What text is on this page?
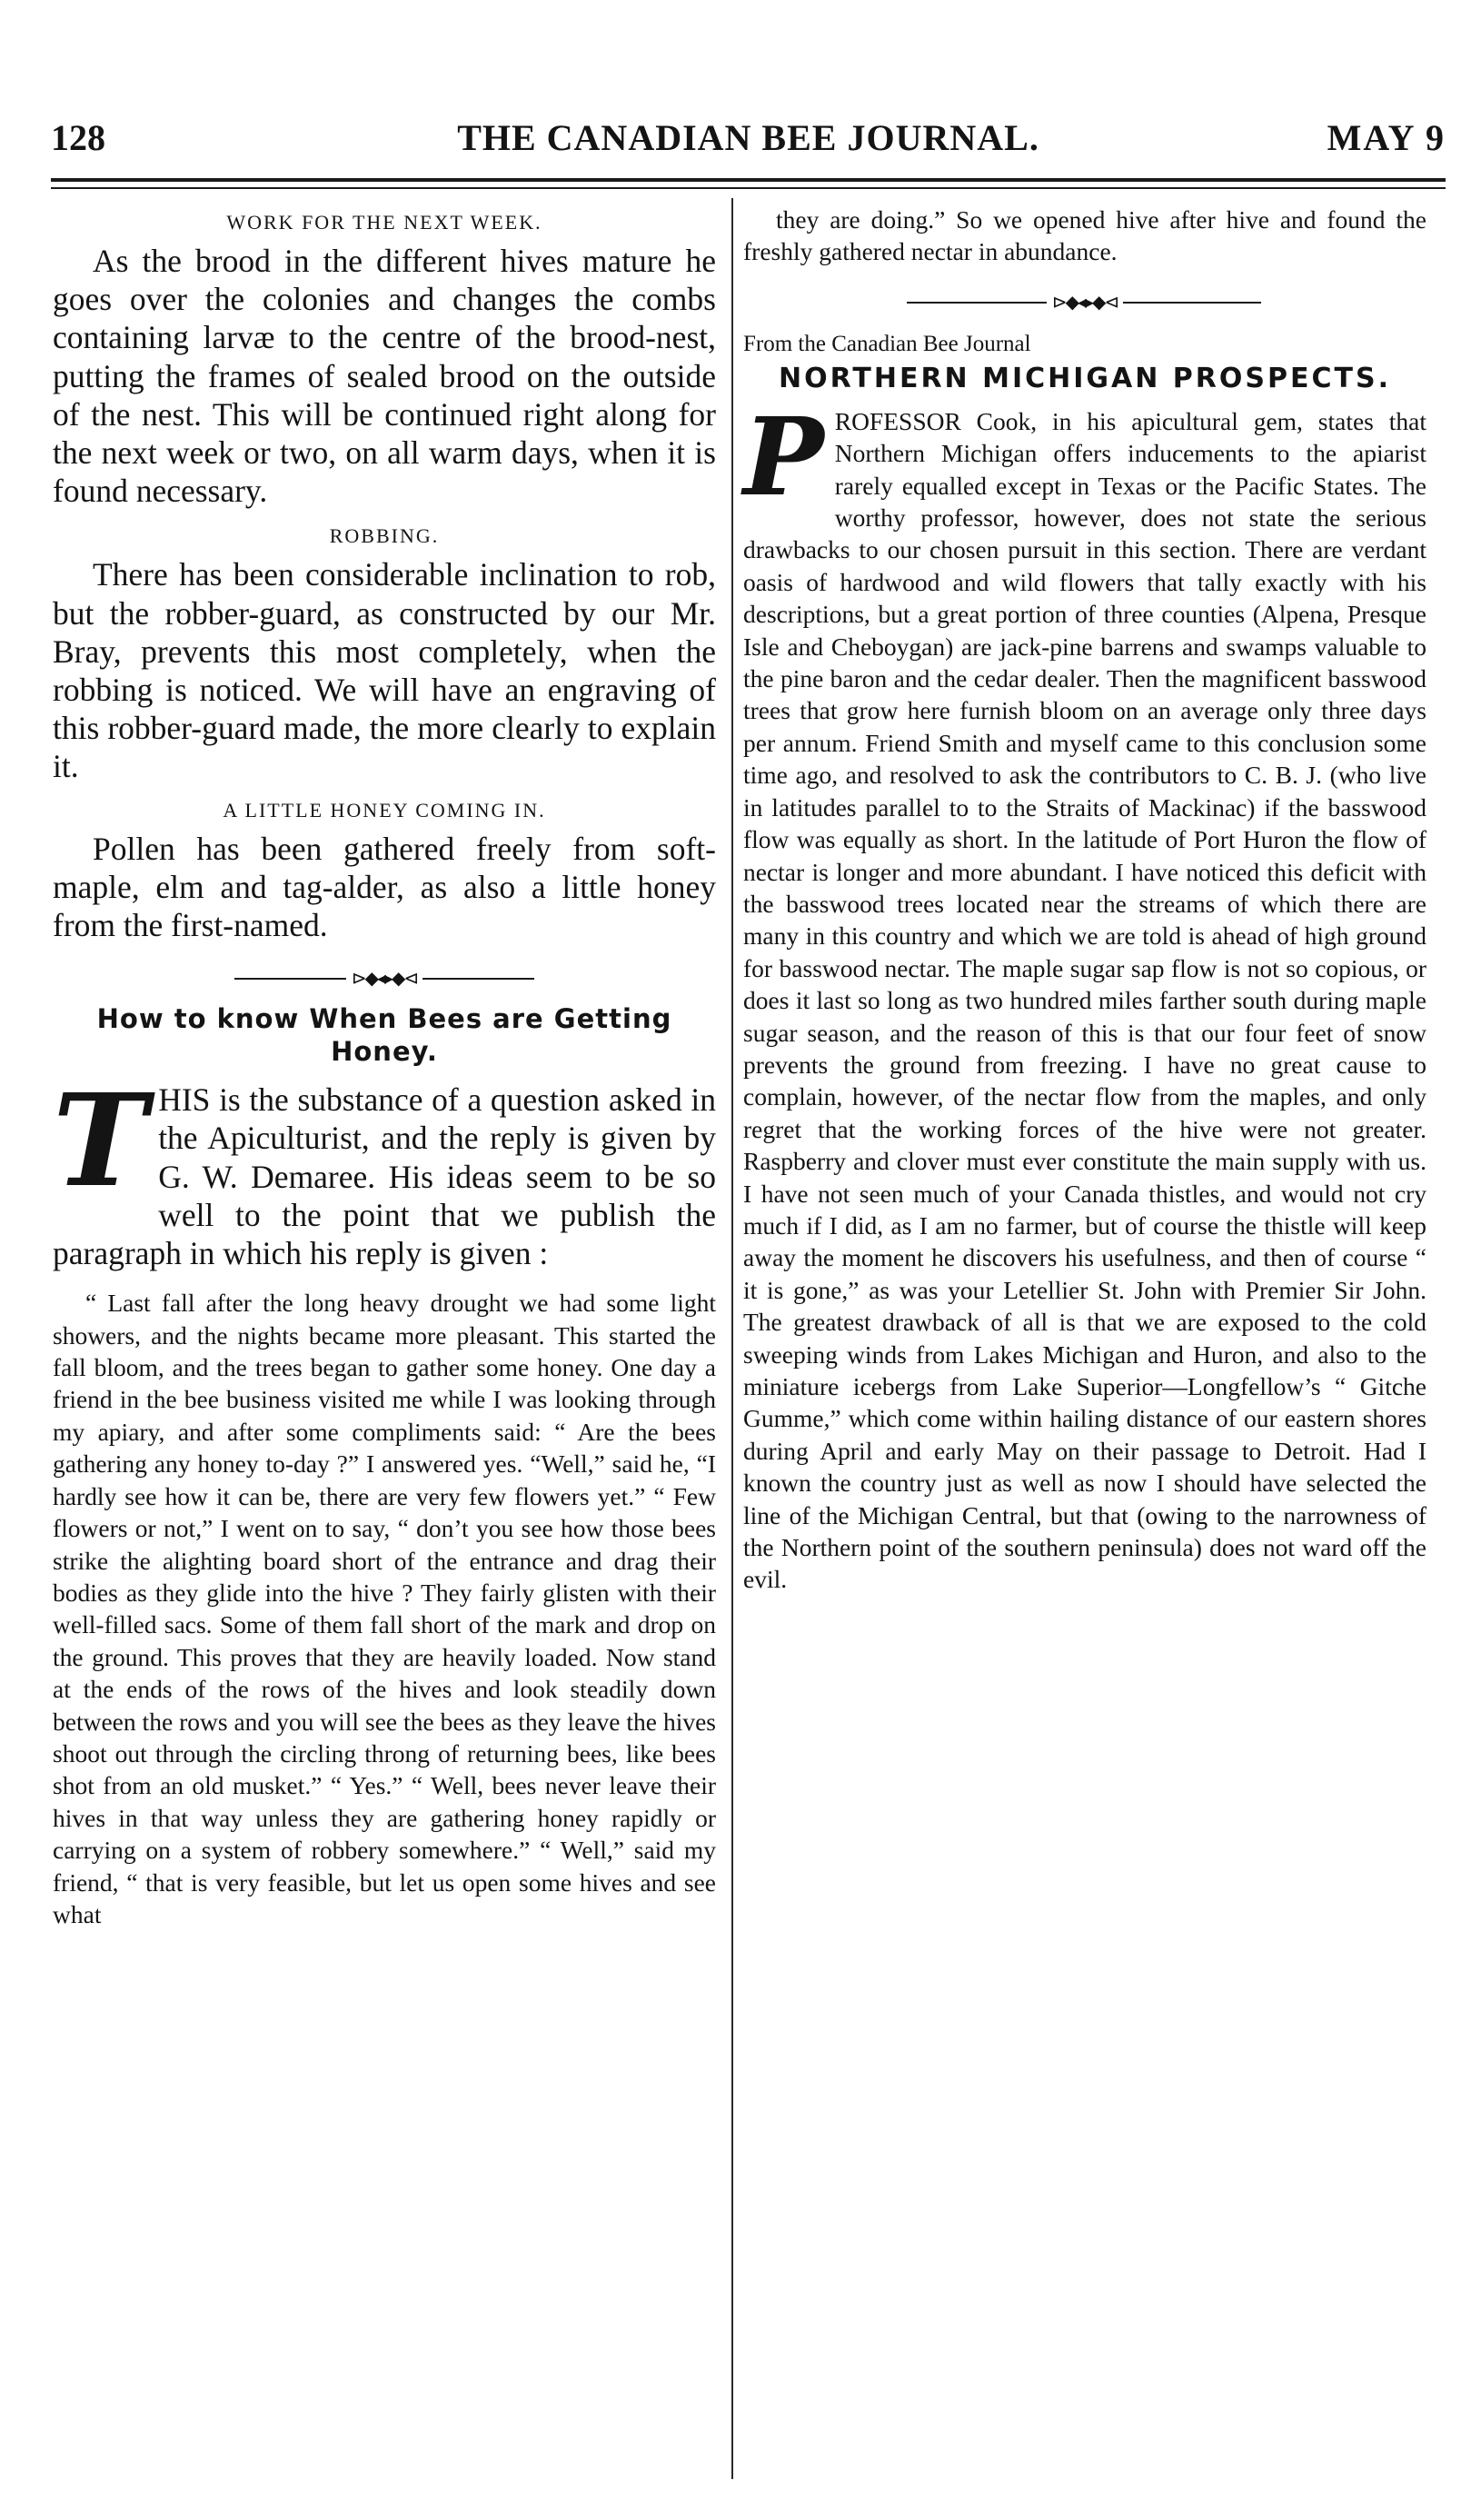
128	THE CANADIAN BEE JOURNAL.	MAY 9
WORK FOR THE NEXT WEEK.

As the brood in the different hives mature he goes over the colonies and changes the combs containing larvæ to the centre of the brood-nest, putting the frames of sealed brood on the outside of the nest. This will be continued right along for the next week or two, on all warm days, when it is found necessary.

ROBBING.

There has been considerable inclination to rob, but the robber-guard, as constructed by our Mr. Bray, prevents this most completely, when the robbing is noticed. We will have an engraving of this robber-guard made, the more clearly to explain it.

A LITTLE HONEY COMING IN.

Pollen has been gathered freely from soft-maple, elm and tag-alder, as also a little honey from the first-named.

⊳◆◂▸◆⊲
How to know When Bees are Getting Honey.
T HIS is the substance of a question asked in the Apiculturist, and the reply is given by G. W. Demaree. His ideas seem to be so well to the point that we publish the paragraph in which his reply is given :

“ Last fall after the long heavy drought we had some light showers, and the nights became more pleasant. This started the fall bloom, and the trees began to gather some honey. One day a friend in the bee business visited me while I was looking through my apiary, and after some compliments said: “ Are the bees gathering any honey to-day ?” I answered yes. “Well,” said he, “I hardly see how it can be, there are very few flowers yet.” “ Few flowers or not,” I went on to say, “ don’t you see how those bees strike the alighting board short of the entrance and drag their bodies as they glide into the hive ? They fairly glisten with their well-filled sacs. Some of them fall short of the mark and drop on the ground. This proves that they are heavily loaded. Now stand at the ends of the rows of the hives and look steadily down between the rows and you will see the bees as they leave the hives shoot out through the circling throng of returning bees, like bees shot from an old musket.” “ Yes.” “ Well, bees never leave their hives in that way unless they are gathering honey rapidly or carrying on a system of robbery somewhere.” “ Well,” said my friend, “ that is very feasible, but let us open some hives and see what

they are doing.” So we opened hive after hive and found the freshly gathered nectar in abundance.

⊳◆◂▸◆⊲
From the Canadian Bee Journal
NORTHERN MICHIGAN PROSPECTS.
P ROFESSOR Cook, in his apicultural gem, states that Northern Michigan offers inducements to the apiarist rarely equalled except in Texas or the Pacific States. The worthy professor, however, does not state the serious drawbacks to our chosen pursuit in this section. There are verdant oasis of hardwood and wild flowers that tally exactly with his descriptions, but a great portion of three counties (Alpena, Presque Isle and Cheboygan) are jack-pine barrens and swamps valuable to the pine baron and the cedar dealer. Then the magnificent basswood trees that grow here furnish bloom on an average only three days per annum. Friend Smith and myself came to this conclusion some time ago, and resolved to ask the contributors to C. B. J. (who live in latitudes parallel to to the Straits of Mackinac) if the basswood flow was equally as short. In the latitude of Port Huron the flow of nectar is longer and more abundant. I have noticed this deficit with the basswood trees located near the streams of which there are many in this country and which we are told is ahead of high ground for basswood nectar. The maple sugar sap flow is not so copious, or does it last so long as two hundred miles farther south during maple sugar season, and the reason of this is that our four feet of snow prevents the ground from freezing. I have no great cause to complain, however, of the nectar flow from the maples, and only regret that the working forces of the hive were not greater. Raspberry and clover must ever constitute the main supply with us. I have not seen much of your Canada thistles, and would not cry much if I did, as I am no farmer, but of course the thistle will keep away the moment he discovers his usefulness, and then of course “ it is gone,” as was your Letellier St. John with Premier Sir John. The greatest drawback of all is that we are exposed to the cold sweeping winds from Lakes Michigan and Huron, and also to the miniature icebergs from Lake Superior—Longfellow’s “ Gitche Gumme,” which come within hailing distance of our eastern shores during April and early May on their passage to Detroit. Had I known the country just as well as now I should have selected the line of the Michigan Central, but that (owing to the narrowness of the Northern point of the southern peninsula) does not ward off the evil.
